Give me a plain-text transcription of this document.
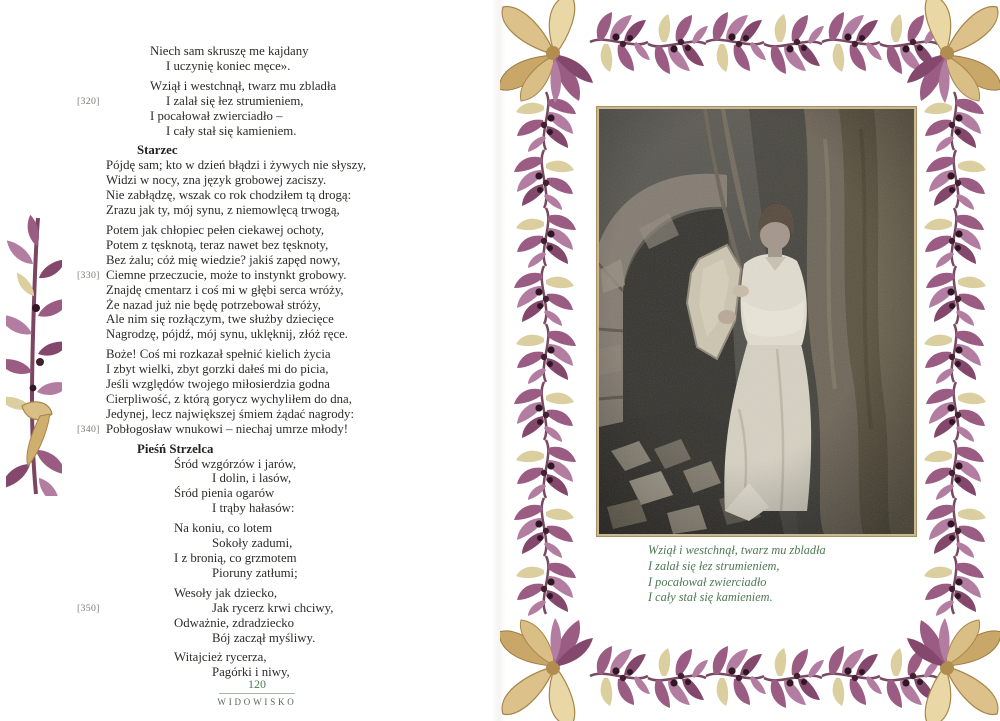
Niech sam skruszę me kajdany
I uczynię koniec męce».
Wziął i westchnął, twarz mu zbladła
[320]	I zalał się łez strumieniem,
I pocałował zwierciadło –
I cały stał się kamieniem.
Starzec
Pójdę sam; kto w dzień błądzi i żywych nie słyszy,
Widzi w nocy, zna język grobowej zaciszy.
Nie zabłądzę, wszak co rok chodziłem tą drogą:
Zrazu jak ty, mój synu, z niemowlęcą trwogą,
Potem jak chłopiec pełen ciekawej ochoty,
Potem z tęsknotą, teraz nawet bez tęsknoty,
Bez żalu; cóż mię wiedzie? jakiś zapęd nowy,
[330] Ciemne przeczucie, może to instynkt grobowy.
Znajdę cmentarz i coś mi w głębi serca wróży,
Że nazad już nie będę potrzebował stróży,
Ale nim się rozłączym, twe służby dziecięce
Nagrodzę, pójdź, mój synu, uklęknij, złóż ręce.
Boże! Coś mi rozkazał spełnić kielich życia
I zbyt wielki, zbyt gorzki dałeś mi do picia,
Jeśli względów twojego miłosierdzia godna
Cierpliwość, z którą gorycz wychyliłem do dna,
Jedynej, lecz największej śmiem żądać nagrody:
[340] Pobłogosław wnukowi – niechaj umrze młody!
Pieśń Strzelca
Śród wzgórzów i jarów,
I dolin, i lasów,
Śród pienia ogarów
I trąby hałasów:
Na koniu, co lotem
Sokoły zadumi,
I z bronią, co grzmotem
Pioruny zatłumi;
Wesoły jak dziecko,
[350]	Jak rycerz krwi chciwy,
Odważnie, zdradziecko
Bój zaczął myśliwy.
Witajcież rycerza,
Pagórki i niwy,
120
WIDOWISKO
Wziął i westchnął, twarz mu zbladła
I zalał się łez strumieniem,
I pocałował zwierciadło
I cały stał się kamieniem.
